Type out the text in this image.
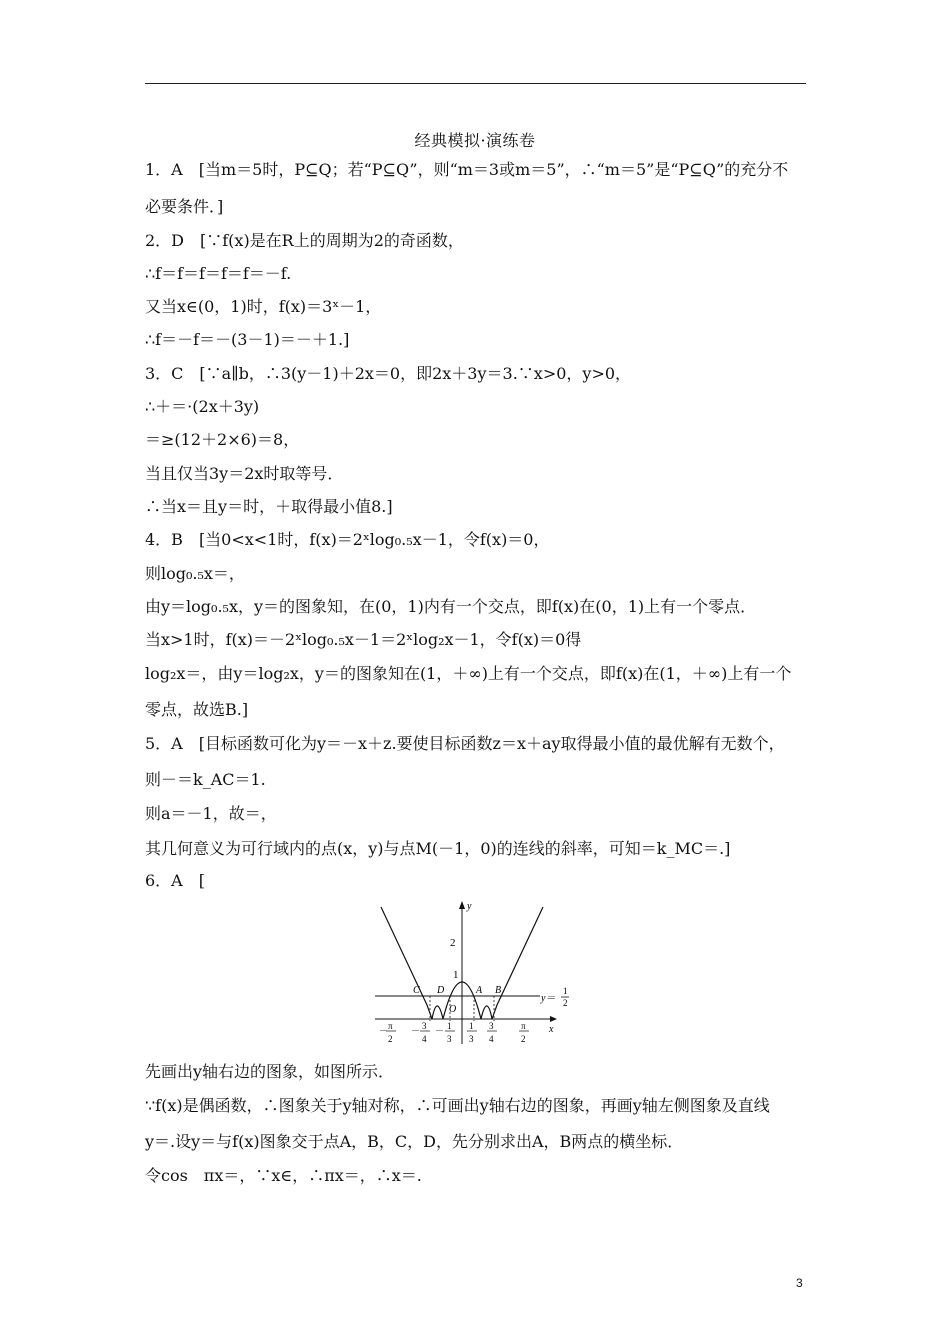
经典模拟·演练卷
1．A　[当m＝5时，P⊆Q；若“P⊆Q”，则“m＝3或m＝5”，∴“m＝5”是“P⊆Q”的充分不
必要条件．]
2．D　[∵f(x)是在R上的周期为2的奇函数，
∴f＝f＝f＝f＝f＝－f.
又当x∈(0，1)时，f(x)＝3ˣ－1，
∴f＝－f＝－(3－1)＝－＋1.]
3．C　[∵a∥b，∴3(y－1)＋2x＝0，即2x＋3y＝3.∵x>0，y>0，
∴＋＝·(2x＋3y)
＝≥(12＋2×6)＝8，
当且仅当3y＝2x时取等号．
∴当x＝且y＝时，＋取得最小值8.]
4．B　[当0<x<1时，f(x)＝2ˣlog₀.₅x－1，令f(x)＝0，
则log₀.₅x＝，
由y＝log₀.₅x，y＝的图象知，在(0，1)内有一个交点，即f(x)在(0，1)上有一个零点．
当x>1时，f(x)＝－2ˣlog₀.₅x－1＝2ˣlog₂x－1，令f(x)＝0得
log₂x＝，由y＝log₂x，y＝的图象知在(1，＋∞)上有一个交点，即f(x)在(1，＋∞)上有一个
零点，故选B.]
5．A　[目标函数可化为y＝－x＋z.要使目标函数z＝x＋ay取得最小值的最优解有无数个，
则－＝k_AC＝1.
则a＝－1，故＝，
其几何意义为可行域内的点(x，y)与点M(－1，0)的连线的斜率，可知＝k_MC＝.]
6．A　[
y
x
2
1
O
C D	A B
y＝
1
2
－ π
2
－ 3
4
－ 1
3
1
3
3
4
π
2
先画出y轴右边的图象，如图所示．
∵f(x)是偶函数，∴图象关于y轴对称，∴可画出y轴右边的图象，再画y轴左侧图象及直线
y＝.设y＝与f(x)图象交于点A，B，C，D，先分别求出A，B两点的横坐标．
令cos　πx＝，∵x∈，∴πx＝，∴x＝.
3
